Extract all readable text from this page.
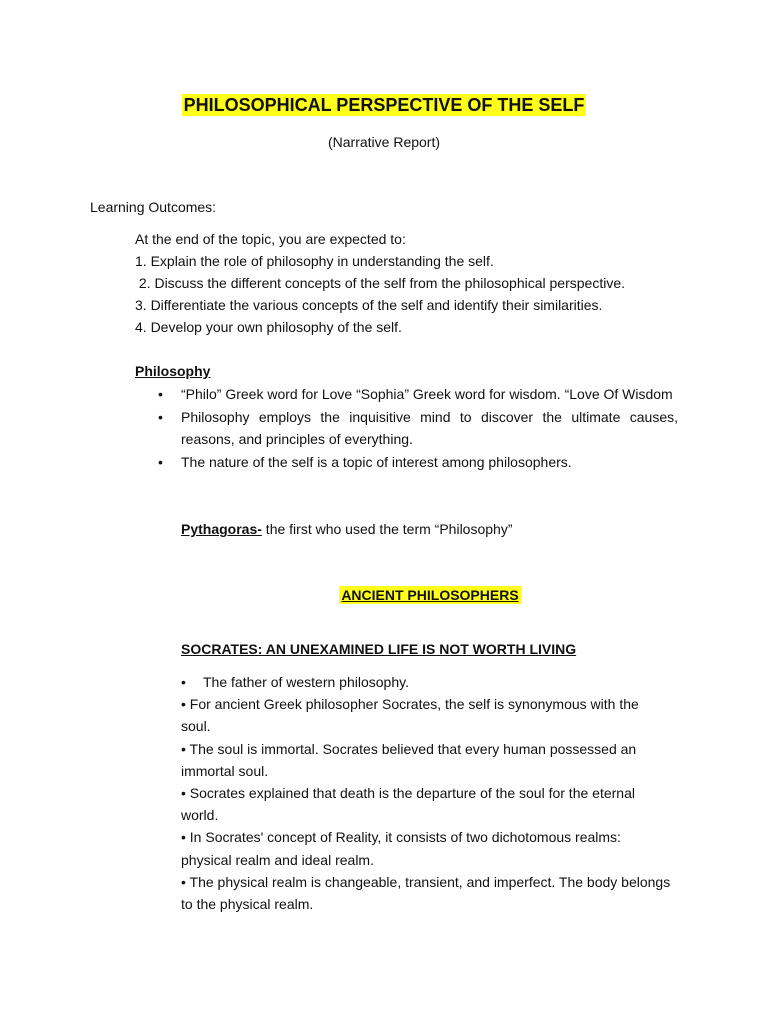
PHILOSOPHICAL PERSPECTIVE OF THE SELF
(Narrative Report)
Learning Outcomes:
At the end of the topic, you are expected to:
1. Explain the role of philosophy in understanding the self.
2. Discuss the different concepts of the self from the philosophical perspective.
3. Differentiate the various concepts of the self and identify their similarities.
4. Develop your own philosophy of the self.
Philosophy
• “Philo” Greek word for Love “Sophia” Greek word for wisdom. “Love Of Wisdom
• Philosophy employs the inquisitive mind to discover the ultimate causes, reasons, and principles of everything.
• The nature of the self is a topic of interest among philosophers.
Pythagoras- the first who used the term “Philosophy”
ANCIENT PHILOSOPHERS
SOCRATES: AN UNEXAMINED LIFE IS NOT WORTH LIVING
•	The father of western philosophy.

• For ancient Greek philosopher Socrates, the self is synonymous with the soul.

• The soul is immortal. Socrates believed that every human possessed an immortal soul.

• Socrates explained that death is the departure of the soul for the eternal world.

• In Socrates' concept of Reality, it consists of two dichotomous realms: physical realm and ideal realm.

• The physical realm is changeable, transient, and imperfect. The body belongs to the physical realm.
